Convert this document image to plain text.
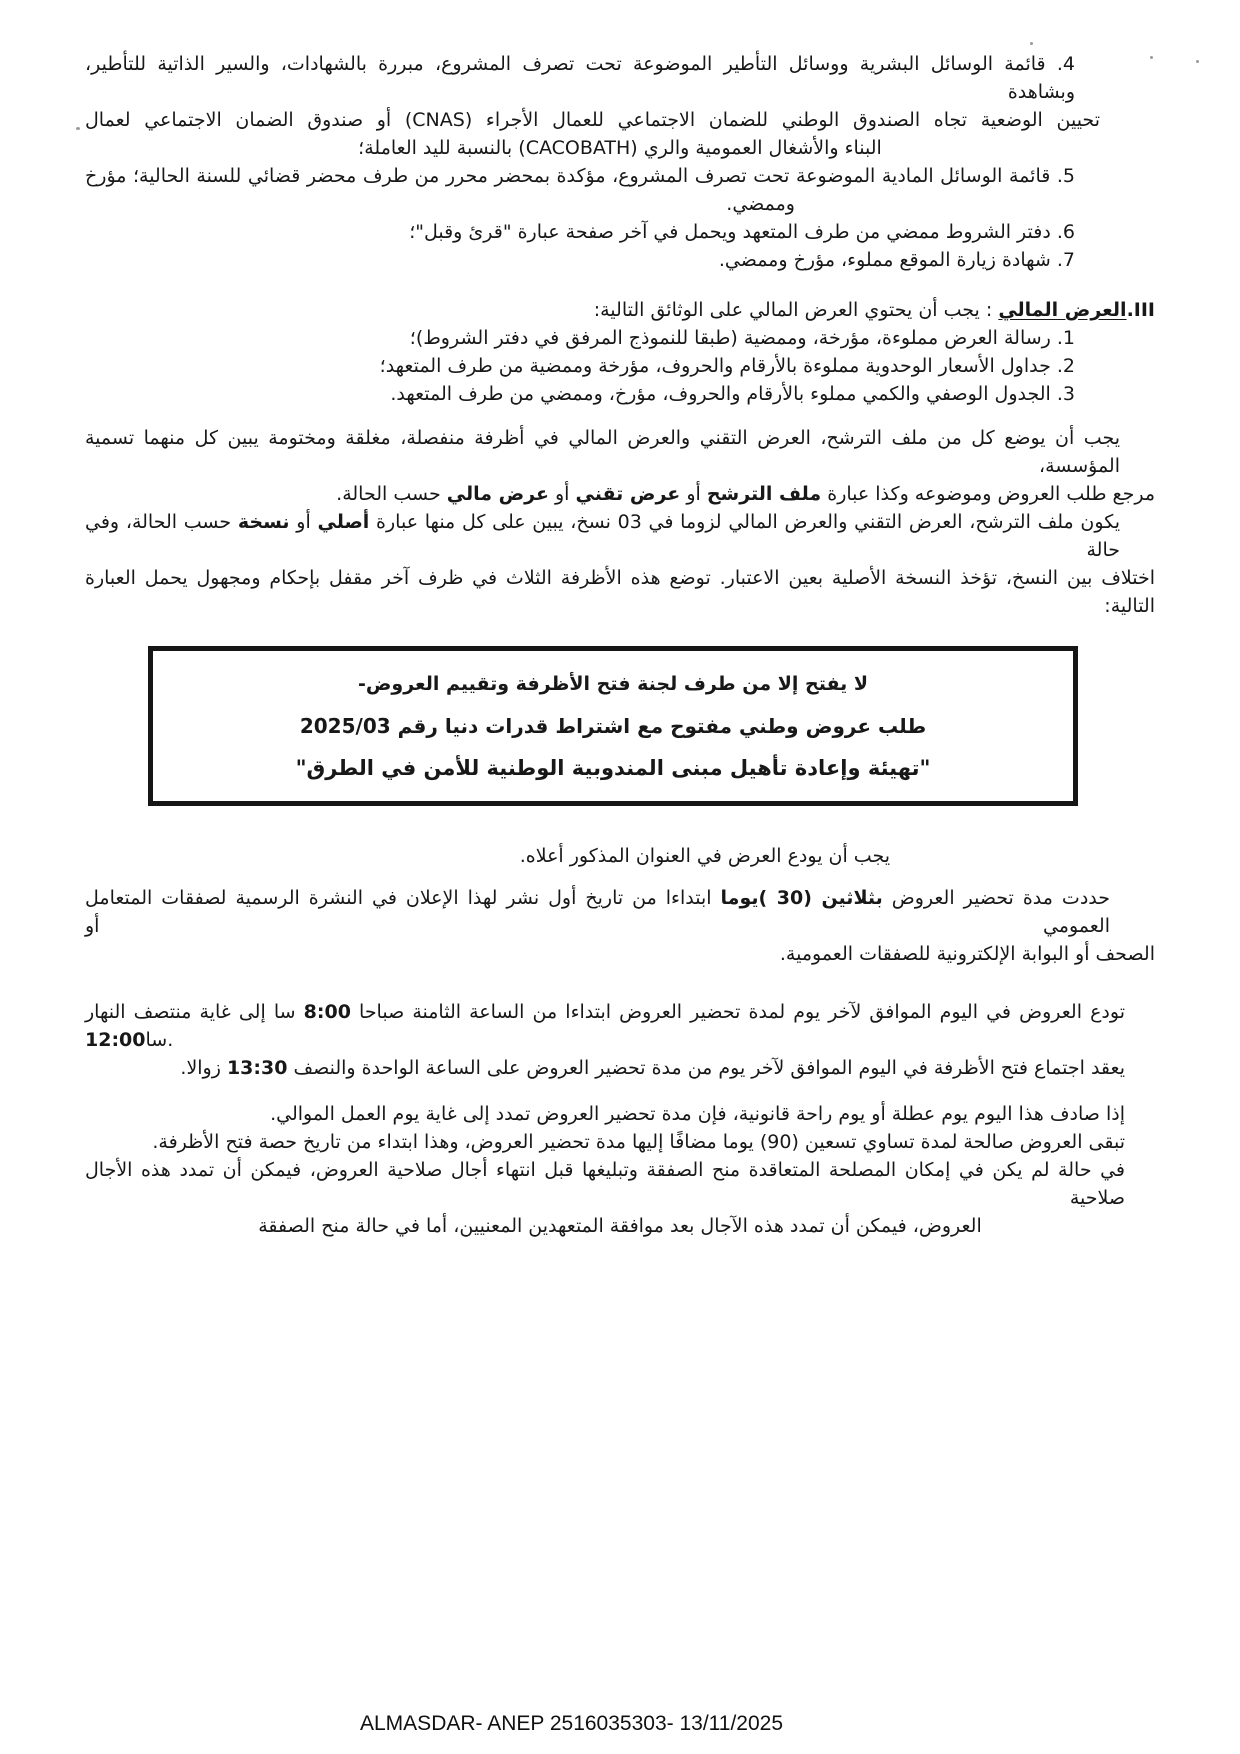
4. قائمة الوسائل البشرية ووسائل التأطير الموضوعة تحت تصرف المشروع، مبررة بالشهادات، والسير الذاتية للتأطير، وبشاهدة
تحيين الوضعية تجاه الصندوق الوطني للضمان الاجتماعي للعمال الأجراء (CNAS) أو صندوق الضمان الاجتماعي لعمال
البناء والأشغال العمومية والري (CACOBATH) بالنسبة لليد العاملة؛
5. قائمة الوسائل المادية الموضوعة تحت تصرف المشروع، مؤكدة بمحضر محرر من طرف محضر قضائي للسنة الحالية؛ مؤرخ
وممضي.
6. دفتر الشروط ممضي من طرف المتعهد ويحمل في آخر صفحة عبارة "قرئ وقبل"؛
7. شهادة زيارة الموقع مملوء، مؤرخ وممضي.
III.العرض المالي : يجب أن يحتوي العرض المالي على الوثائق التالية:
1. رسالة العرض مملوءة، مؤرخة، وممضية (طبقا للنموذج المرفق في دفتر الشروط)؛
2. جداول الأسعار الوحدوية مملوءة بالأرقام والحروف، مؤرخة وممضية من طرف المتعهد؛
3. الجدول الوصفي والكمي مملوء بالأرقام والحروف، مؤرخ، وممضي من طرف المتعهد.
يجب أن يوضع كل من ملف الترشح، العرض التقني والعرض المالي في أظرفة منفصلة، مغلقة ومختومة يبين كل منهما تسمية المؤسسة،
مرجع طلب العروض وموضوعه وكذا عبارة ملف الترشح أو عرض تقني أو عرض مالي حسب الحالة.
يكون ملف الترشح، العرض التقني والعرض المالي لزوما في 03 نسخ، يبين على كل منها عبارة أصلي أو نسخة حسب الحالة، وفي حالة
اختلاف بين النسخ، تؤخذ النسخة الأصلية بعين الاعتبار. توضع هذه الأظرفة الثلاث في ظرف آخر مقفل بإحكام ومجهول يحمل العبارة التالية:
لا يفتح إلا من طرف لجنة فتح الأظرفة وتقييم العروض-
طلب عروض وطني مفتوح مع اشتراط قدرات دنيا رقم 2025/03
"تهيئة وإعادة تأهيل مبنى المندوبية الوطنية للأمن في الطرق"
يجب أن يودع العرض في العنوان المذكور أعلاه.
حددت مدة تحضير العروض بثلاثين (30 )يوما ابتداءا من تاريخ أول نشر لهذا الإعلان في النشرة الرسمية لصفقات المتعامل العمومي أو
الصحف أو البوابة الإلكترونية للصفقات العمومية.
تودع العروض في اليوم الموافق لآخر يوم لمدة تحضير العروض ابتداءا من الساعة الثامنة صباحا 8:00 سا إلى غاية منتصف النهار
12:00سا.
يعقد اجتماع فتح الأظرفة في اليوم الموافق لآخر يوم من مدة تحضير العروض على الساعة الواحدة والنصف 13:30 زوالا.
إذا صادف هذا اليوم يوم عطلة أو يوم راحة قانونية، فإن مدة تحضير العروض تمدد إلى غاية يوم العمل الموالي.
تبقى العروض صالحة لمدة تساوي تسعين (90) يوما مضافًا إليها مدة تحضير العروض، وهذا ابتداء من تاريخ حصة فتح الأظرفة.
في حالة لم يكن في إمكان المصلحة المتعاقدة منح الصفقة وتبليغها قبل انتهاء أجال صلاحية العروض، فيمكن أن تمدد هذه الأجال صلاحية
العروض، فيمكن أن تمدد هذه الآجال بعد موافقة المتعهدين المعنيين، أما في حالة منح الصفقة
ALMASDAR- ANEP 2516035303- 13/11/2025
